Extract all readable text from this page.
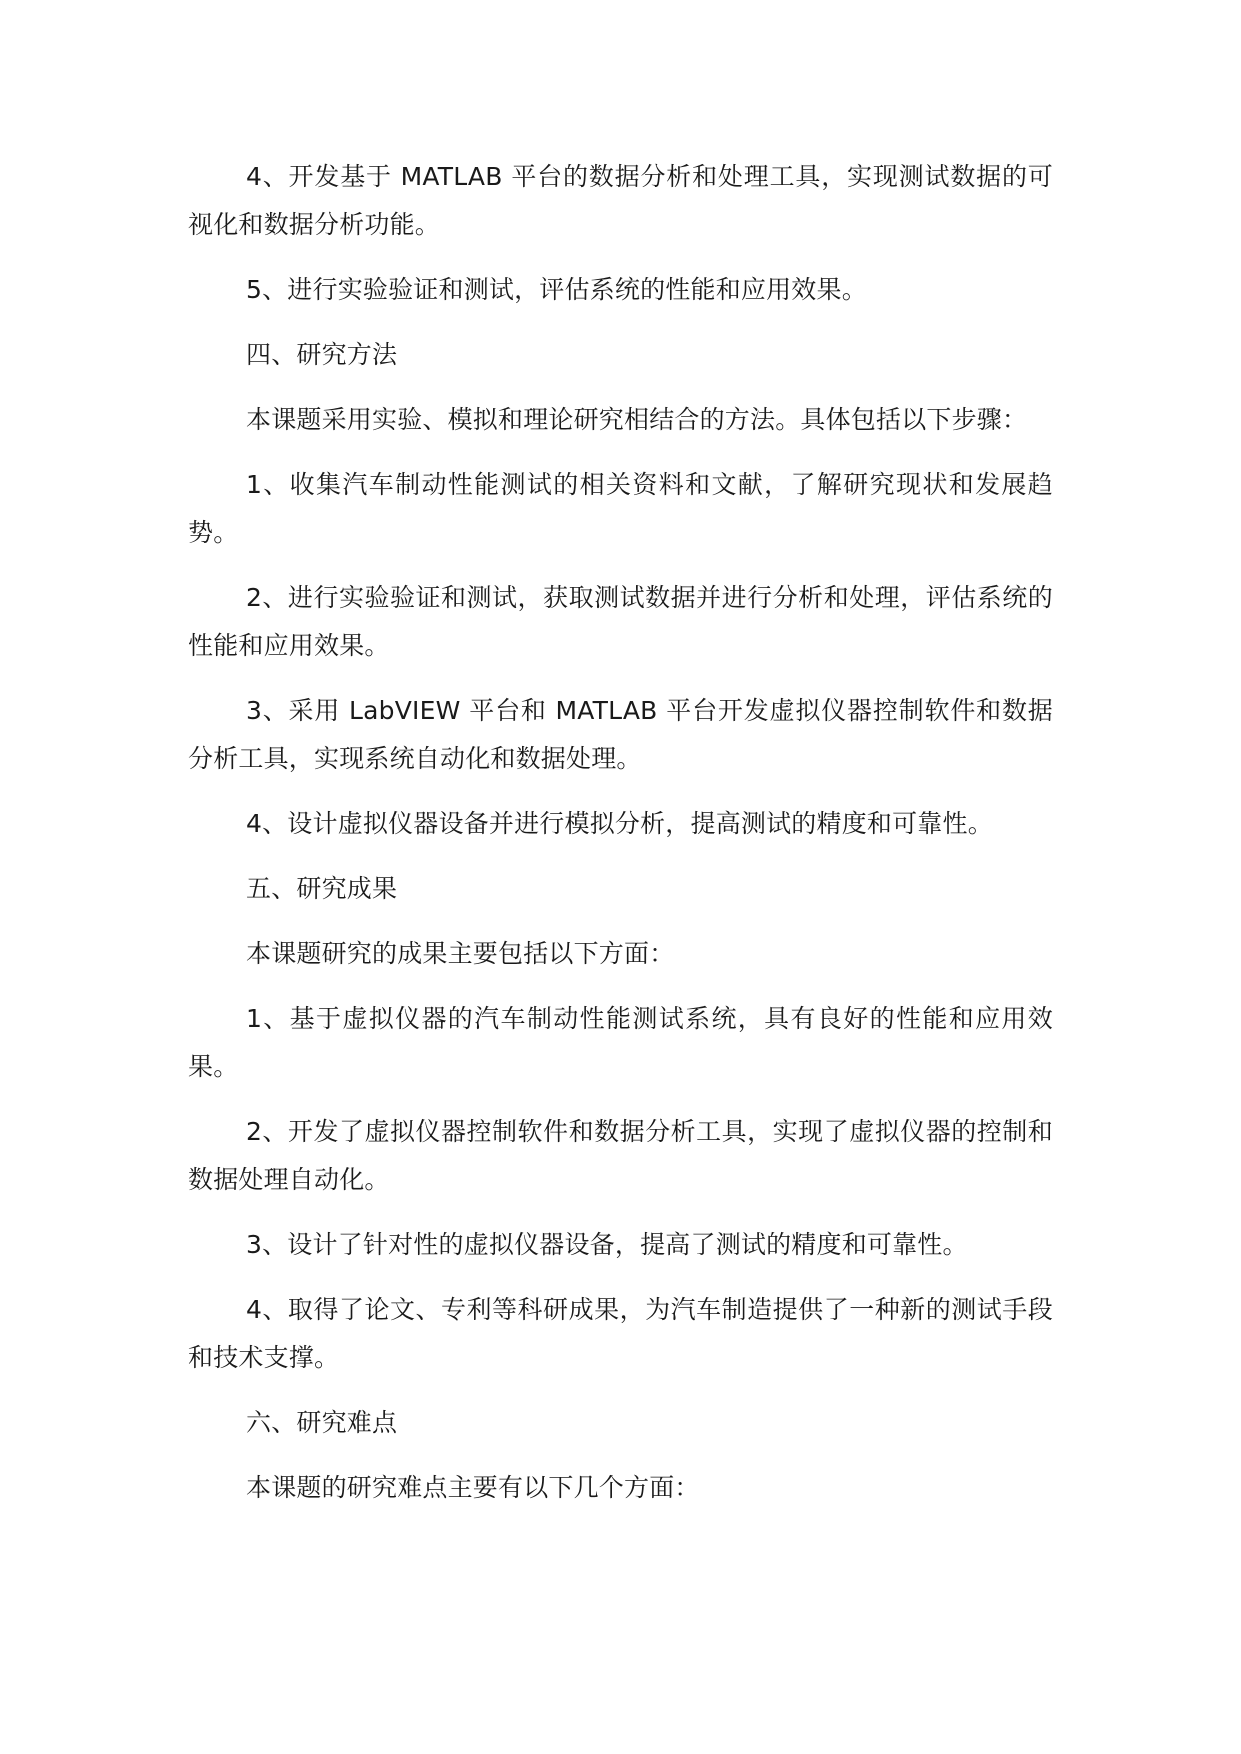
4、开发基于 MATLAB 平台的数据分析和处理工具，实现测试数据的可视化和数据分析功能。

5、进行实验验证和测试，评估系统的性能和应用效果。

四、研究方法

本课题采用实验、模拟和理论研究相结合的方法。具体包括以下步骤：

1、收集汽车制动性能测试的相关资料和文献，了解研究现状和发展趋势。

2、进行实验验证和测试，获取测试数据并进行分析和处理，评估系统的性能和应用效果。

3、采用 LabVIEW 平台和 MATLAB 平台开发虚拟仪器控制软件和数据分析工具，实现系统自动化和数据处理。

4、设计虚拟仪器设备并进行模拟分析，提高测试的精度和可靠性。

五、研究成果

本课题研究的成果主要包括以下方面：

1、基于虚拟仪器的汽车制动性能测试系统，具有良好的性能和应用效果。

2、开发了虚拟仪器控制软件和数据分析工具，实现了虚拟仪器的控制和数据处理自动化。

3、设计了针对性的虚拟仪器设备，提高了测试的精度和可靠性。

4、取得了论文、专利等科研成果，为汽车制造提供了一种新的测试手段和技术支撑。

六、研究难点

本课题的研究难点主要有以下几个方面：
